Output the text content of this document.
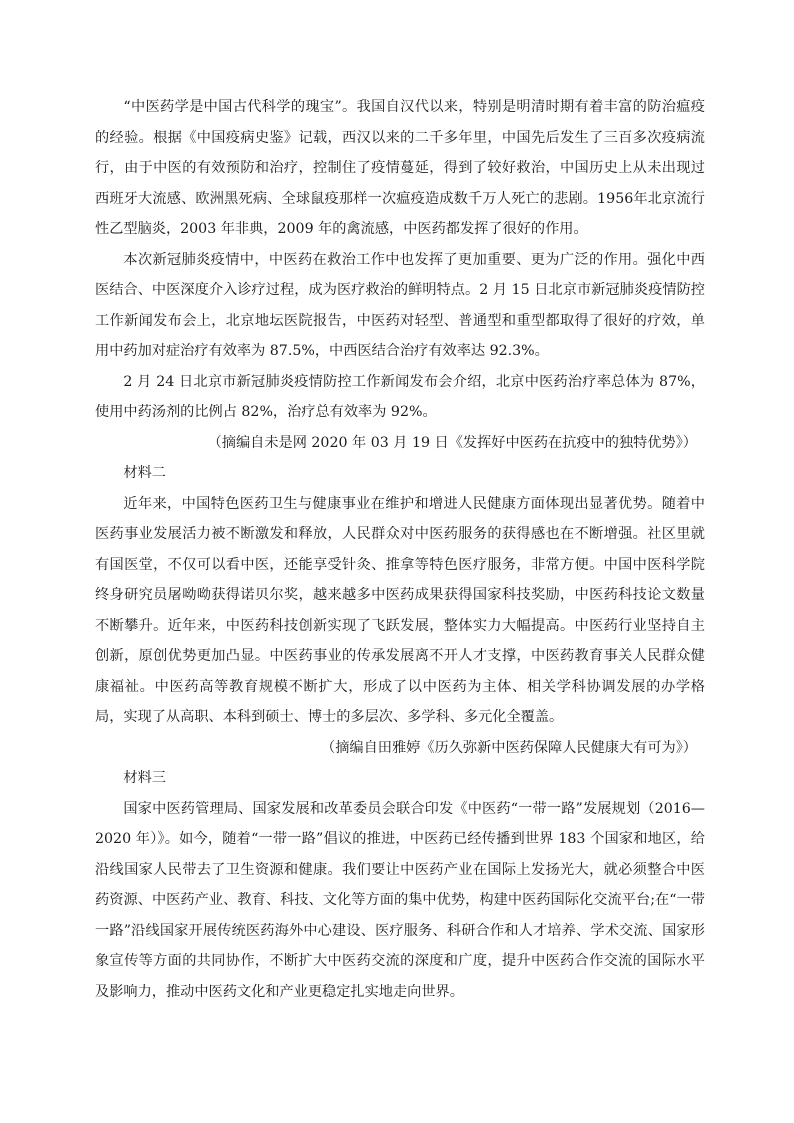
“中医药学是中国古代科学的瑰宝”。我国自汉代以来，特别是明清时期有着丰富的防治瘟疫的经验。根据《中国疫病史鉴》记载，西汉以来的二千多年里，中国先后发生了三百多次疫病流行，由于中医的有效预防和治疗，控制住了疫情蔓延，得到了较好救治，中国历史上从未出现过西班牙大流感、欧洲黑死病、全球鼠疫那样一次瘟疫造成数千万人死亡的悲剧。1956年北京流行性乙型脑炎，2003 年非典，2009 年的禽流感，中医药都发挥了很好的作用。

本次新冠肺炎疫情中，中医药在救治工作中也发挥了更加重要、更为广泛的作用。强化中西医结合、中医深度介入诊疗过程，成为医疗救治的鲜明特点。2 月 15 日北京市新冠肺炎疫情防控工作新闻发布会上，北京地坛医院报告，中医药对轻型、普通型和重型都取得了很好的疗效，单用中药加对症治疗有效率为 87.5%，中西医结合治疗有效率达 92.3%。

2 月 24 日北京市新冠肺炎疫情防控工作新闻发布会介绍，北京中医药治疗率总体为 87%，使用中药汤剂的比例占 82%，治疗总有效率为 92%。

（摘编自未是网 2020 年 03 月 19 日《发挥好中医药在抗疫中的独特优势》）

材料二

近年来，中国特色医药卫生与健康事业在维护和增进人民健康方面体现出显著优势。随着中医药事业发展活力被不断激发和释放，人民群众对中医药服务的获得感也在不断增强。社区里就有国医堂，不仅可以看中医，还能享受针灸、推拿等特色医疗服务，非常方便。中国中医科学院终身研究员屠呦呦获得诺贝尔奖，越来越多中医药成果获得国家科技奖励，中医药科技论文数量不断攀升。近年来，中医药科技创新实现了飞跃发展，整体实力大幅提高。中医药行业坚持自主创新，原创优势更加凸显。中医药事业的传承发展离不开人才支撑，中医药教育事关人民群众健康福祉。中医药高等教育规模不断扩大，形成了以中医药为主体、相关学科协调发展的办学格局，实现了从高职、本科到硕士、博士的多层次、多学科、多元化全覆盖。

（摘编自田雅婷《历久弥新中医药保障人民健康大有可为》）

材料三

国家中医药管理局、国家发展和改革委员会联合印发《中医药“一带一路”发展规划（2016—2020 年）》。如今，随着“一带一路”倡议的推进，中医药已经传播到世界 183 个国家和地区，给沿线国家人民带去了卫生资源和健康。我们要让中医药产业在国际上发扬光大，就必须整合中医药资源、中医药产业、教育、科技、文化等方面的集中优势，构建中医药国际化交流平台;在“一带一路”沿线国家开展传统医药海外中心建设、医疗服务、科研合作和人才培养、学术交流、国家形象宣传等方面的共同协作，不断扩大中医药交流的深度和广度，提升中医药合作交流的国际水平及影响力，推动中医药文化和产业更稳定扎实地走向世界。
